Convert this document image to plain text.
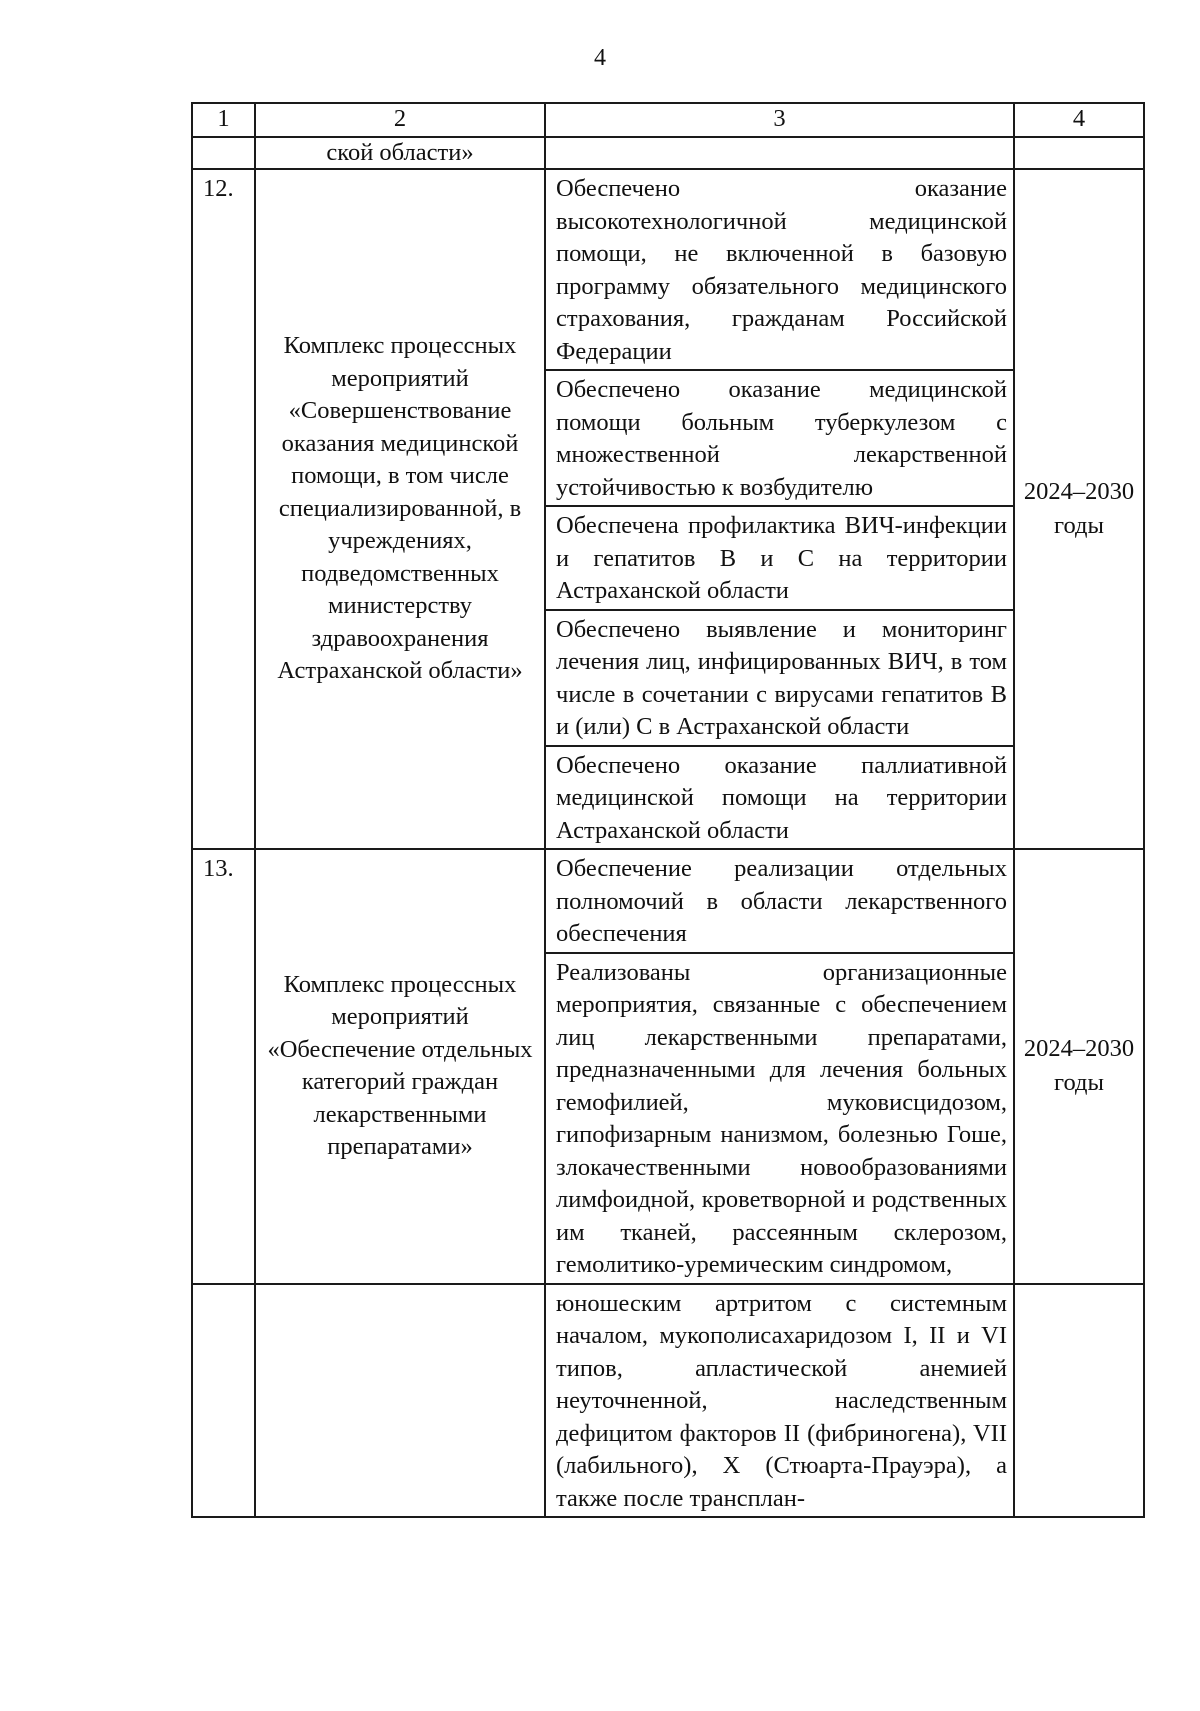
4
1	2	3	4
	ской области»		
12.	Комплекс процессных мероприятий «Совершенствование оказания медицинской помощи, в том числе специализированной, в учреждениях, подведомственных министерству здравоохранения Астраханской области»	Обеспечено оказание высокотехнологичной медицинской помощи, не включенной в базовую программу обязательного медицинского страхования, гражданам Российской Федерации	2024–2030 годы
		Обеспечено оказание медицинской помощи больным туберкулезом с множественной лекарственной устойчивостью к возбудителю	
		Обеспечена профилактика ВИЧ-инфекции и гепатитов В и С на территории Астраханской области	
		Обеспечено выявление и мониторинг лечения лиц, инфицированных ВИЧ, в том числе в сочетании с вирусами гепатитов В и (или) С в Астраханской области	
		Обеспечено оказание паллиативной медицинской помощи на территории Астраханской области	
13.	Комплекс процессных мероприятий «Обеспечение отдельных категорий граждан лекарственными препаратами»	Обеспечение реализации отдельных полномочий в области лекарственного обеспечения	2024–2030 годы
		Реализованы организационные мероприятия, связанные с обеспечением лиц лекарственными препаратами, предназначенными для лечения больных гемофилией, муковисцидозом, гипофизарным нанизмом, болезнью Гоше, злокачественными новообразованиями лимфоидной, кроветворной и родственных им тканей, рассеянным склерозом, гемолитико-уремическим синдромом,	
		юношеским артритом с системным началом, мукополисахаридозом I, II и VI типов, апластической анемией неуточненной, наследственным дефицитом факторов II (фибриногена), VII (лабильного), X (Стюарта-Прауэра), а также после трансплан-	
